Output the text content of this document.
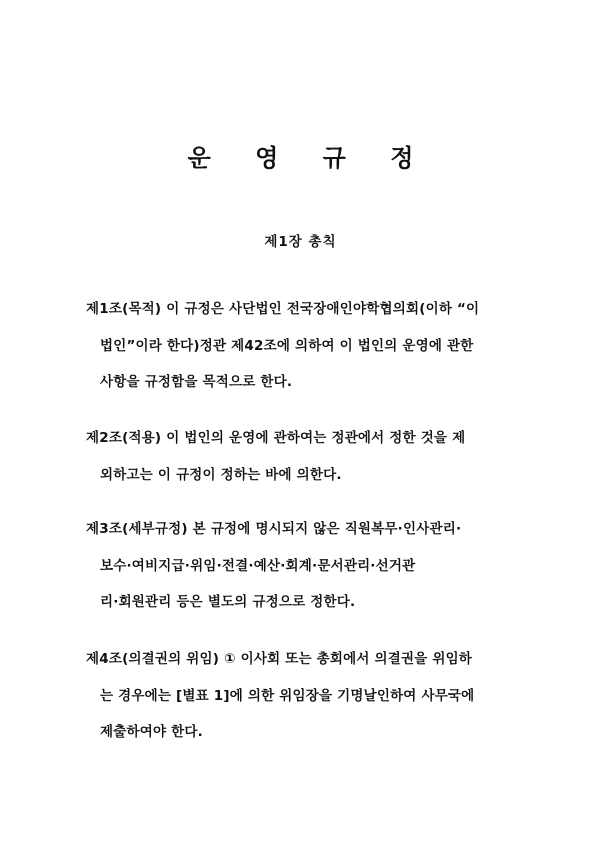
운 영 규 정
제1장 총칙
제1조(목적) 이 규정은 사단법인 전국장애인야학협의회(이하 “이
법인”이라 한다)정관 제42조에 의하여 이 법인의 운영에 관한
사항을 규정함을 목적으로 한다.
제2조(적용) 이 법인의 운영에 관하여는 정관에서 정한 것을 제
외하고는 이 규정이 정하는 바에 의한다.
제3조(세부규정) 본 규정에 명시되지 않은 직원복무·인사관리·
보수·여비지급·위임·전결·예산·회계·문서관리·선거관
리·회원관리 등은 별도의 규정으로 정한다.
제4조(의결권의 위임) ① 이사회 또는 총회에서 의결권을 위임하
는 경우에는 [별표 1]에 의한 위임장을 기명날인하여 사무국에
제출하여야 한다.
